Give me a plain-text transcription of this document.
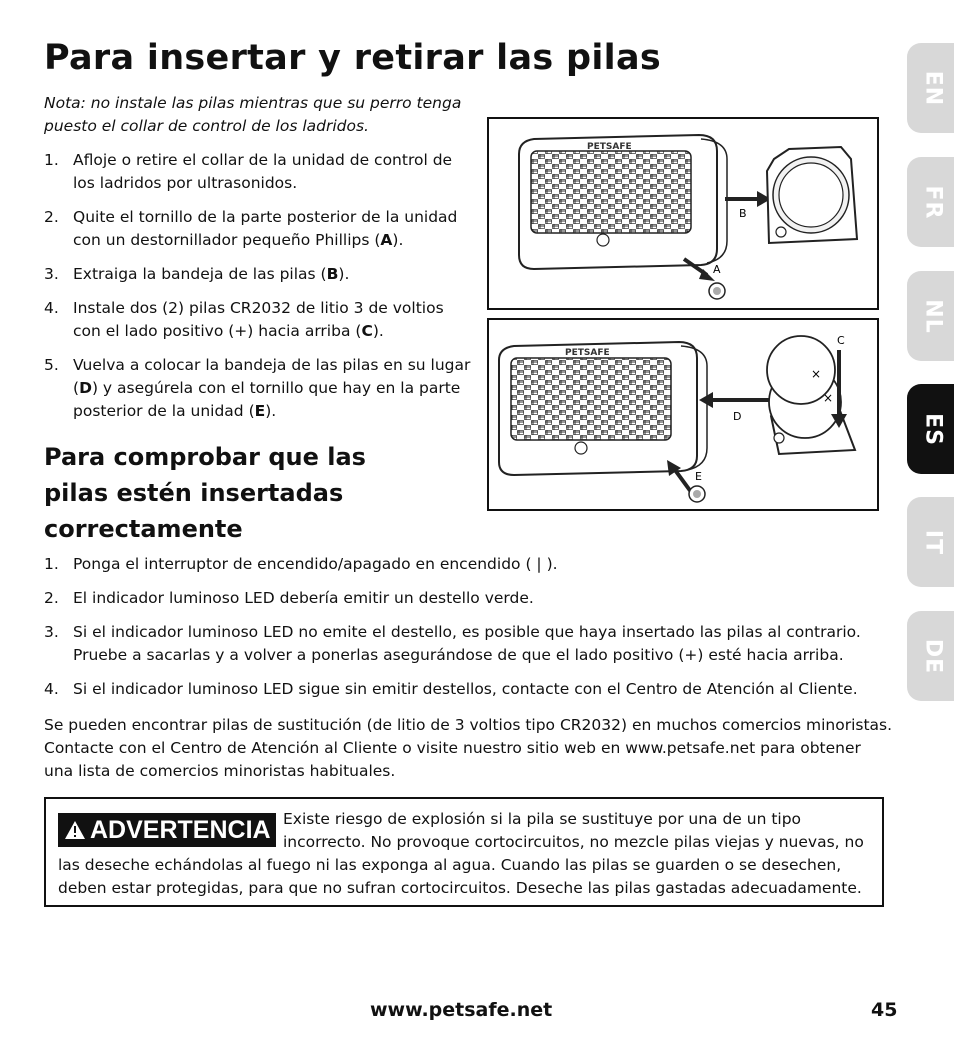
Para insertar y retirar las pilas

Nota: no instale las pilas mientras que su perro tenga puesto el collar de control de los ladridos.

1. Afloje o retire el collar de la unidad de control de los ladridos por ultrasonidos.
2. Quite el tornillo de la parte posterior de la unidad con un destornillador pequeño Phillips (A).
3. Extraiga la bandeja de las pilas (B).
4. Instale dos (2) pilas CR2032 de litio 3 de voltios con el lado positivo (+) hacia arriba (C).
5. Vuelva a colocar la bandeja de las pilas en su lugar (D) y asegúrela con el tornillo que hay en la parte posterior de la unidad (E).
PETSAFE
B
A
PETSAFE
D
×
×
C
E
Para comprobar que las pilas estén insertadas correctamente
1. Ponga el interruptor de encendido/apagado en encendido ( | ).
2. El indicador luminoso LED debería emitir un destello verde.
3. Si el indicador luminoso LED no emite el destello, es posible que haya insertado las pilas al contrario. Pruebe a sacarlas y a volver a ponerlas asegurándose de que el lado positivo (+) esté hacia arriba.
4. Si el indicador luminoso LED sigue sin emitir destellos, contacte con el Centro de Atención al Cliente.

Se pueden encontrar pilas de sustitución (de litio de 3 voltios tipo CR2032) en muchos comercios minoristas. Contacte con el Centro de Atención al Cliente o visite nuestro sitio web en www.petsafe.net para obtener una lista de comercios minoristas habituales.

ADVERTENCIA Existe riesgo de explosión si la pila se sustituye por una de un tipo incorrecto. No provoque cortocircuitos, no mezcle pilas viejas y nuevas, no

las deseche echándolas al fuego ni las exponga al agua. Cuando las pilas se guarden o se desechen, deben estar protegidas, para que no sufran cortocircuitos. Deseche las pilas gastadas adecuadamente.

EN
FR
NL
ES
IT
DE
www.petsafe.net	45
